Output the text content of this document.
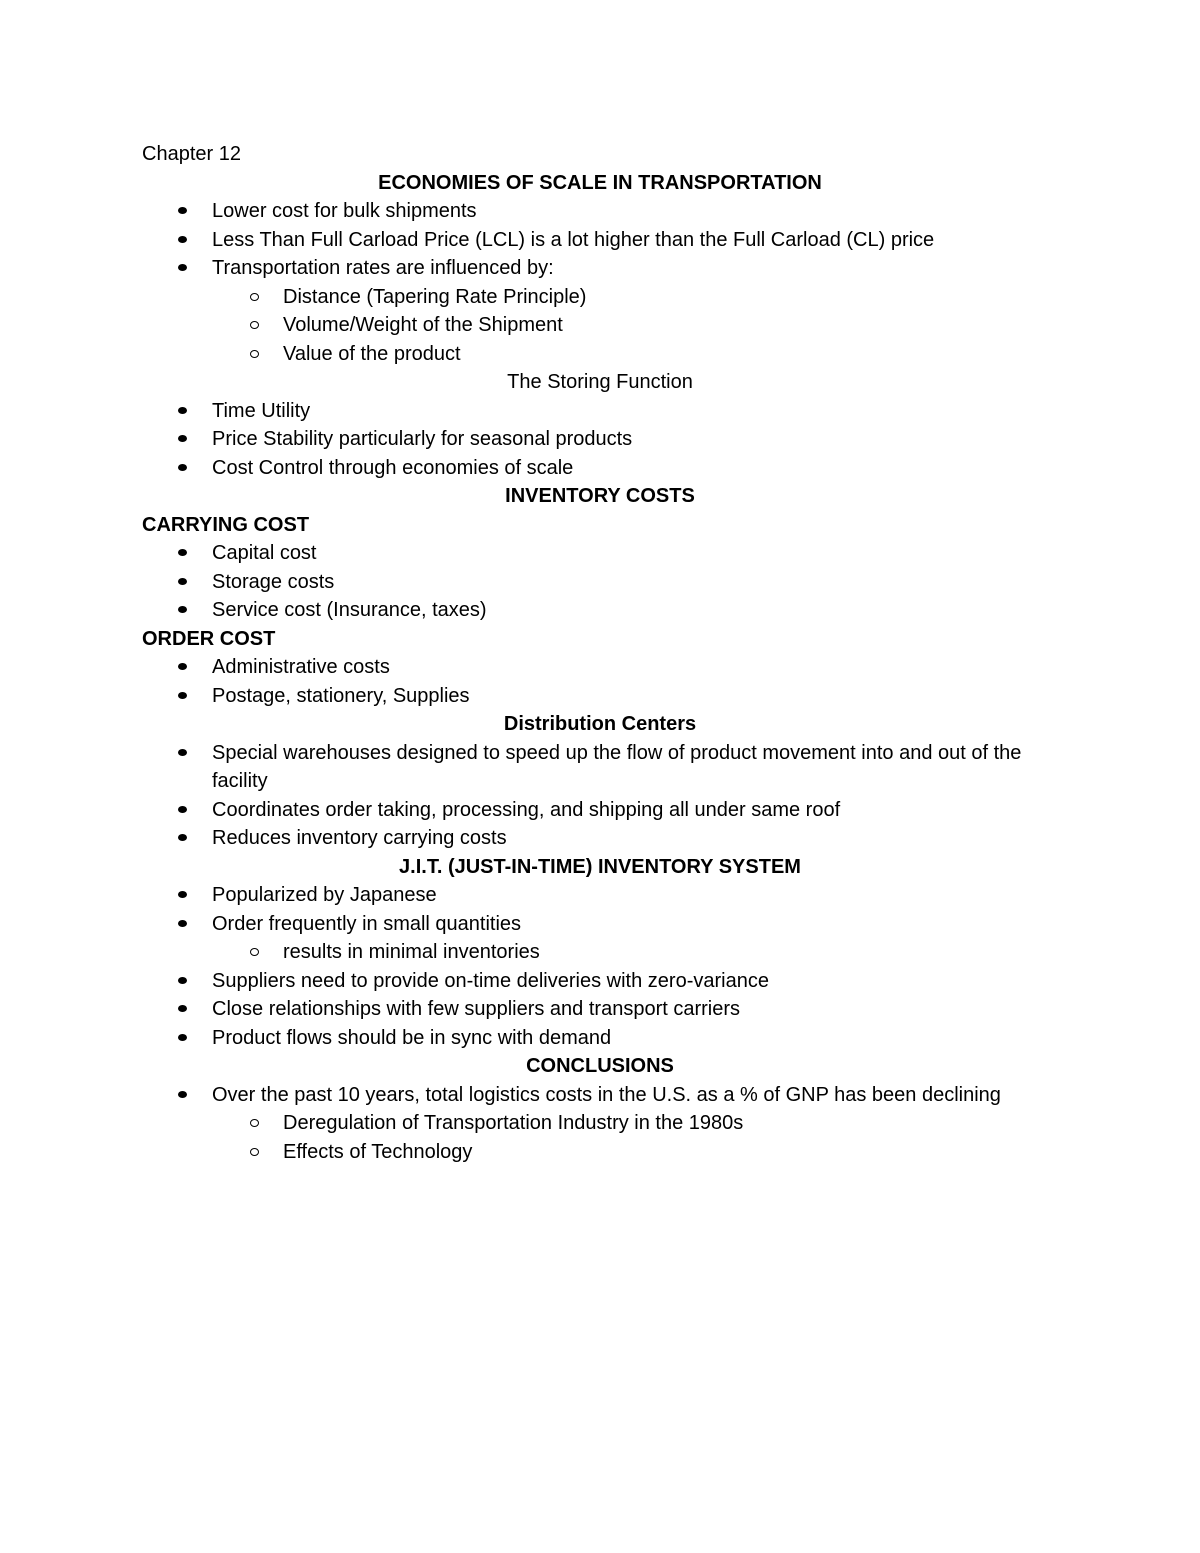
Chapter 12

ECONOMIES OF SCALE IN TRANSPORTATION

Lower cost for bulk shipments
Less Than Full Carload Price (LCL) is a lot higher than the Full Carload (CL) price
Transportation rates are influenced by:
Distance (Tapering Rate Principle)
Volume/Weight of the Shipment
Value of the product

The Storing Function

Time Utility
Price Stability particularly for seasonal products
Cost Control through economies of scale

INVENTORY COSTS

CARRYING COST

Capital cost
Storage costs
Service cost (Insurance, taxes)

ORDER COST

Administrative costs
Postage, stationery, Supplies

Distribution Centers

Special warehouses designed to speed up the flow of product movement into and out of the facility
Coordinates order taking, processing, and shipping all under same roof
Reduces inventory carrying costs

J.I.T. (JUST-IN-TIME) INVENTORY SYSTEM

Popularized by Japanese
Order frequently in small quantities
results in minimal inventories
Suppliers need to provide on-time deliveries with zero-variance
Close relationships with few suppliers and transport carriers
Product flows should be in sync with demand

CONCLUSIONS

Over the past 10 years, total logistics costs in the U.S. as a % of GNP has been declining
Deregulation of Transportation Industry in the 1980s
Effects of Technology
